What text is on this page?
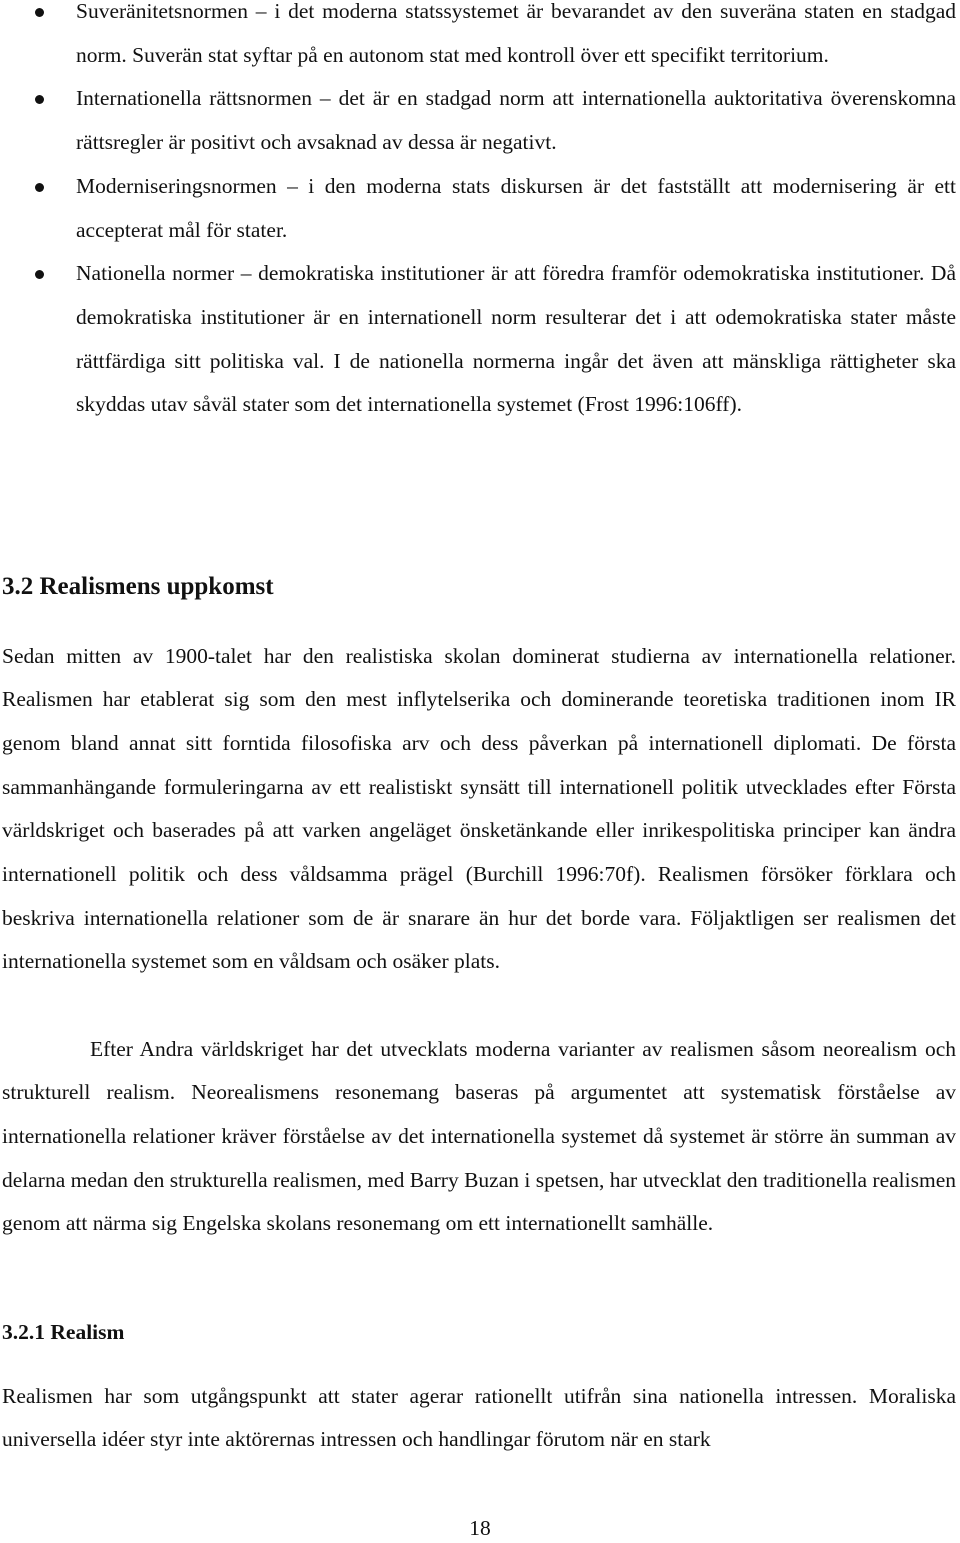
Suveränitetsnormen – i det moderna statssystemet är bevarandet av den suveräna staten en stadgad norm. Suverän stat syftar på en autonom stat med kontroll över ett specifikt territorium.
Internationella rättsnormen – det är en stadgad norm att internationella auktoritativa överenskomna rättsregler är positivt och avsaknad av dessa är negativt.
Moderniseringsnormen – i den moderna stats diskursen är det fastställt att modernisering är ett accepterat mål för stater.
Nationella normer – demokratiska institutioner är att föredra framför odemokratiska institutioner. Då demokratiska institutioner är en internationell norm resulterar det i att odemokratiska stater måste rättfärdiga sitt politiska val. I de nationella normerna ingår det även att mänskliga rättigheter ska skyddas utav såväl stater som det internationella systemet (Frost 1996:106ff).
3.2 Realismens uppkomst

Sedan mitten av 1900-talet har den realistiska skolan dominerat studierna av internationella relationer. Realismen har etablerat sig som den mest inflytelserika och dominerande teoretiska traditionen inom IR genom bland annat sitt forntida filosofiska arv och dess påverkan på internationell diplomati. De första sammanhängande formuleringarna av ett realistiskt synsätt till internationell politik utvecklades efter Första världskriget och baserades på att varken angeläget önsketänkande eller inrikespolitiska principer kan ändra internationell politik och dess våldsamma prägel (Burchill 1996:70f). Realismen försöker förklara och beskriva internationella relationer som de är snarare än hur det borde vara. Följaktligen ser realismen det internationella systemet som en våldsam och osäker plats.

Efter Andra världskriget har det utvecklats moderna varianter av realismen såsom neorealism och strukturell realism. Neorealismens resonemang baseras på argumentet att systematisk förståelse av internationella relationer kräver förståelse av det internationella systemet då systemet är större än summan av delarna medan den strukturella realismen, med Barry Buzan i spetsen, har utvecklat den traditionella realismen genom att närma sig Engelska skolans resonemang om ett internationellt samhälle.

3.2.1 Realism

Realismen har som utgångspunkt att stater agerar rationellt utifrån sina nationella intressen. Moraliska universella idéer styr inte aktörernas intressen och handlingar förutom när en stark

18
